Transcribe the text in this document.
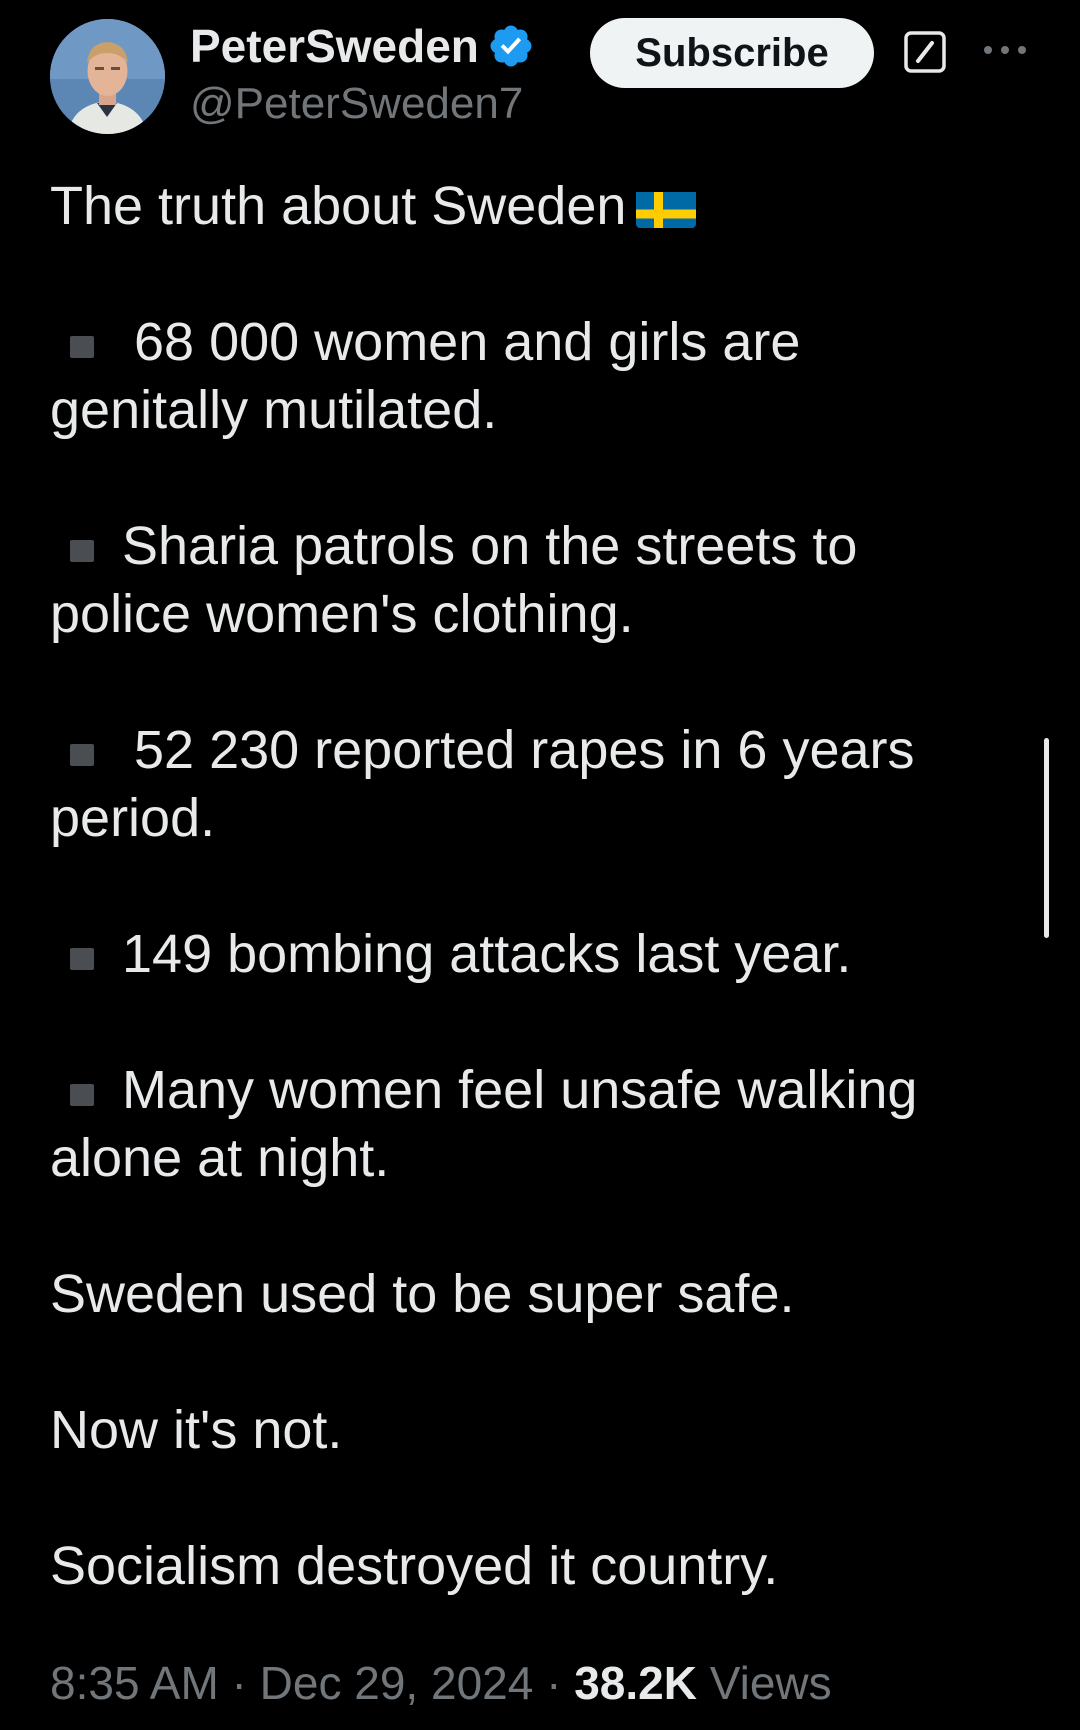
PeterSweden
@PeterSweden7
Subscribe

The truth about Sweden

68 000 women and girls are
genitally mutilated.

Sharia patrols on the streets to
police women's clothing.

52 230 reported rapes in 6 years
period.

149 bombing attacks last year.

Many women feel unsafe walking
alone at night.

Sweden used to be super safe.

Now it's not.

Socialism destroyed it country.

8:35 AM · Dec 29, 2024 · 38.2K Views
